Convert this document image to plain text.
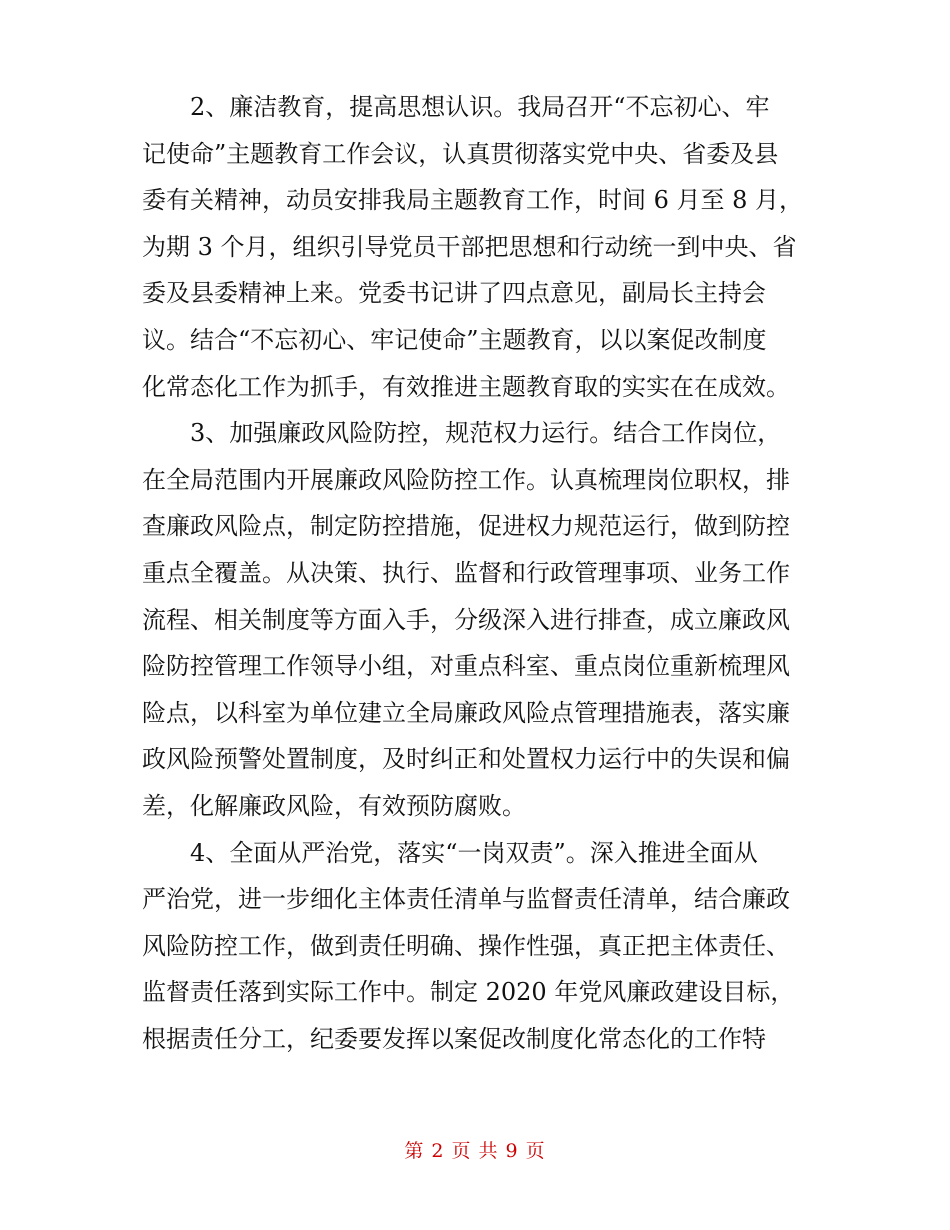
2、廉洁教育，提高思想认识。我局召开“不忘初心、牢
记使命”主题教育工作会议，认真贯彻落实党中央、省委及县
委有关精神，动员安排我局主题教育工作，时间 6 月至 8 月，
为期 3 个月，组织引导党员干部把思想和行动统一到中央、省
委及县委精神上来。党委书记讲了四点意见，副局长主持会
议。结合“不忘初心、牢记使命”主题教育，以以案促改制度
化常态化工作为抓手，有效推进主题教育取的实实在在成效。
3、加强廉政风险防控，规范权力运行。结合工作岗位，
在全局范围内开展廉政风险防控工作。认真梳理岗位职权，排
查廉政风险点，制定防控措施，促进权力规范运行，做到防控
重点全覆盖。从决策、执行、监督和行政管理事项、业务工作
流程、相关制度等方面入手，分级深入进行排查，成立廉政风
险防控管理工作领导小组，对重点科室、重点岗位重新梳理风
险点，以科室为单位建立全局廉政风险点管理措施表，落实廉
政风险预警处置制度，及时纠正和处置权力运行中的失误和偏
差，化解廉政风险，有效预防腐败。
4、全面从严治党，落实“一岗双责”。深入推进全面从
严治党，进一步细化主体责任清单与监督责任清单，结合廉政
风险防控工作，做到责任明确、操作性强，真正把主体责任、
监督责任落到实际工作中。制定 2020 年党风廉政建设目标，
根据责任分工，纪委要发挥以案促改制度化常态化的工作特
第 2 页 共 9 页
